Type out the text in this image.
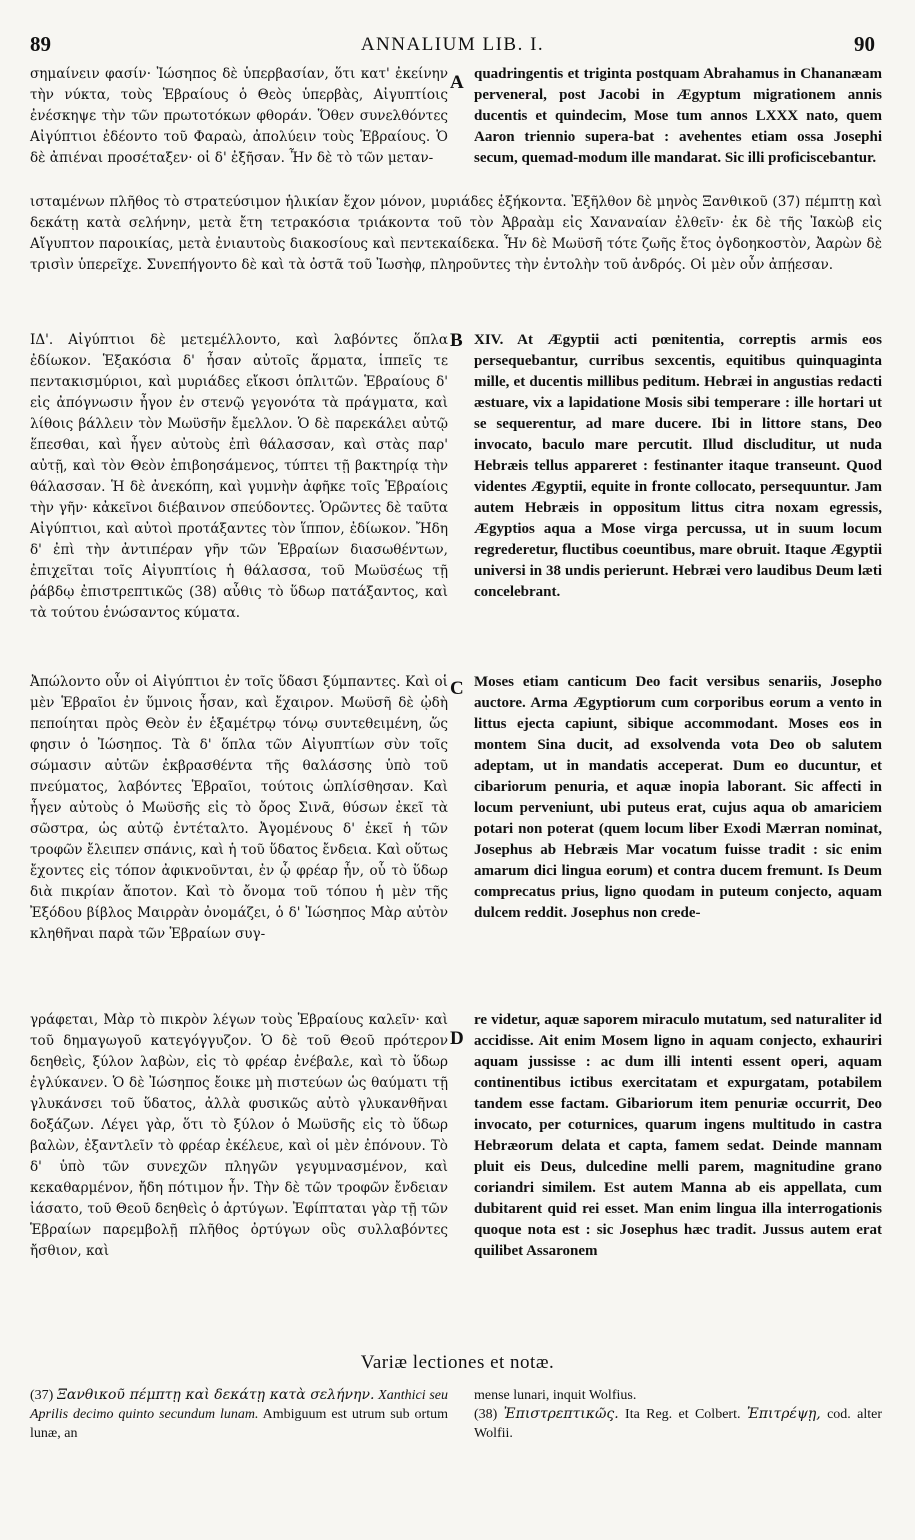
89	ANNALIUM LIB. I.	90
σημαίνειν φασίν· Ἰώσηπος δὲ ὑπερβασίαν, ὅτι κατ' ἐκείνην τὴν νύκτα, τοὺς Ἑβραίους ὁ Θεὸς ὑπερβὰς, Αἰγυπτίοις ἐνέσκηψε τὴν τῶν πρωτοτόκων φθοράν. Ὅθεν συνελθόντες Αἰγύπτιοι ἐδέοντο τοῦ Φαραὼ, ἀπολύειν τοὺς Ἑβραίους. Ὁ δὲ ἀπιέναι προσέταξεν· οἱ δ' ἐξῆσαν. Ἦν δὲ τὸ τῶν μεταν-
A quadringentis et triginta postquam Abrahamus in Chananæam perveneral, post Jacobi in Ægyptum migrationem annis ducentis et quindecim, Mose tum annos LXXX nato, quem Aaron triennio supera-bat : avehentes etiam ossa Josephi secum, quemad-modum ille mandarat. Sic illi proficiscebantur.
ισταμένων πλῆθος τὸ στρατεύσιμον ἡλικίαν ἔχον μόνον, μυριάδες ἑξήκοντα. Ἐξῆλθον δὲ μηνὸς Ξανθικοῦ (37) πέμπτῃ καὶ δεκάτῃ κατὰ σελήνην, μετὰ ἔτη τετρακόσια τριάκοντα τοῦ τὸν Ἀβραὰμ εἰς Χαναναίαν ἐλθεῖν· ἐκ δὲ τῆς Ἰακὼβ εἰς Αἴγυπτον παροικίας, μετὰ ἐνιαυτοὺς διακοσίους καὶ πεντεκαίδεκα. Ἦν δὲ Μωϋσῆ τότε ζωῆς ἔτος ὀγδοηκοστὸν, Ἀαρὼν δὲ τρισὶν ὑπερεῖχε. Συνεπήγοντο δὲ καὶ τὰ ὀστᾶ τοῦ Ἰωσὴφ, πληροῦντες τὴν ἐντολὴν τοῦ ἀνδρός. Οἱ μὲν οὖν ἀπῄεσαν.
ΙΔ'. Αἰγύπτιοι δὲ μετεμέλλοντο, καὶ λαβόντες ὅπλα ἐδίωκον. Ἑξακόσια δ' ἦσαν αὐτοῖς ἅρματα, ἱππεῖς τε πεντακισμύριοι, καὶ μυριάδες εἴκοσι ὁπλιτῶν. Ἑβραίους δ' εἰς ἀπόγνωσιν ἦγον ἐν στενῷ γεγονότα τὰ πράγματα, καὶ λίθοις βάλλειν τὸν Μωϋσῆν ἔμελλον. Ὁ δὲ παρεκάλει αὐτῷ ἕπεσθαι, καὶ ἦγεν αὐτοὺς ἐπὶ θάλασσαν, καὶ στὰς παρ' αὐτῇ, καὶ τὸν Θεὸν ἐπιβοησάμενος, τύπτει τῇ βακτηρίᾳ τὴν θάλασσαν. Ἡ δὲ ἀνεκόπη, καὶ γυμνὴν ἀφῆκε τοῖς Ἑβραίοις τὴν γῆν· κἀκεῖνοι διέβαινον σπεύδοντες. Ὁρῶντες δὲ ταῦτα Αἰγύπτιοι, καὶ αὐτοὶ προτάξαντες τὸν ἵππον, ἐδίωκον. Ἤδη δ' ἐπὶ τὴν ἀντιπέραν γῆν τῶν Ἑβραίων διασωθέντων, ἐπιχεῖται τοῖς Αἰγυπτίοις ἡ θάλασσα, τοῦ Μωϋσέως τῇ ῥάβδῳ ἐπιστρεπτικῶς (38) αὖθις τὸ ὕδωρ πατάξαντος, καὶ τὰ τούτου ἑνώσαντος κύματα.
B XIV. At Ægyptii acti pœnitentia, correptis armis eos persequebantur, curribus sexcentis, equitibus quinquaginta mille, et ducentis millibus peditum. Hebræi in angustias redacti æstuare, vix a lapidatione Mosis sibi temperare : ille hortari ut se sequerentur, ad mare ducere. Ibi in littore stans, Deo invocato, baculo mare percutit. Illud discluditur, ut nuda Hebræis tellus appareret : festinanter itaque transeunt. Quod videntes Ægyptii, equite in fronte collocato, persequuntur. Jam autem Hebræis in oppositum littus citra noxam egressis, Ægyptios aqua a Mose virga percussa, ut in suum locum regrederetur, fluctibus coeuntibus, mare obruit. Itaque Ægyptii universi in 38 undis perierunt. Hebræi vero laudibus Deum læti concelebrant.
Ἀπώλοντο οὖν οἱ Αἰγύπτιοι ἐν τοῖς ὕδασι ξύμπαντες. Καὶ οἱ μὲν Ἑβραῖοι ἐν ὕμνοις ἦσαν, καὶ ἔχαιρον. Μωϋσῆ δὲ ᾠδὴ πεποίηται πρὸς Θεὸν ἐν ἑξαμέτρῳ τόνῳ συντεθειμένη, ὥς φησιν ὁ Ἰώσηπος. Τὰ δ' ὅπλα τῶν Αἰγυπτίων σὺν τοῖς σώμασιν αὐτῶν ἐκβρασθέντα τῆς θαλάσσης ὑπὸ τοῦ πνεύματος, λαβόντες Ἑβραῖοι, τούτοις ὡπλίσθησαν. Καὶ ἦγεν αὐτοὺς ὁ Μωϋσῆς εἰς τὸ ὄρος Σινᾶ, θύσων ἐκεῖ τὰ σῶστρα, ὡς αὐτῷ ἐντέταλτο. Ἀγομένους δ' ἐκεῖ ἡ τῶν τροφῶν ἔλειπεν σπάνις, καὶ ἡ τοῦ ὕδατος ἔνδεια. Καὶ οὕτως ἔχοντες εἰς τόπον ἀφικνοῦνται, ἐν ᾧ φρέαρ ἦν, οὗ τὸ ὕδωρ διὰ πικρίαν ἄποτον. Καὶ τὸ ὄνομα τοῦ τόπου ἡ μὲν τῆς Ἐξόδου βίβλος Μαιρρὰν ὀνομάζει, ὁ δ' Ἰώσηπος Μὰρ αὐτὸν κληθῆναι παρὰ τῶν Ἑβραίων συγ-
C Moses etiam canticum Deo facit versibus senariis, Josepho auctore. Arma Ægyptiorum cum corporibus eorum a vento in littus ejecta capiunt, sibique accommodant. Moses eos in montem Sina ducit, ad exsolvenda vota Deo ob salutem adeptam, ut in mandatis acceperat. Dum eo ducuntur, et cibariorum penuria, et aquæ inopia laborant. Sic affecti in locum perveniunt, ubi puteus erat, cujus aqua ob amariciem potari non poterat (quem locum liber Exodi Mærran nominat, Josephus ab Hebræis Mar vocatum fuisse tradit : sic enim amarum dici lingua eorum) et contra ducem fremunt. Is Deum comprecatus prius, ligno quodam in puteum conjecto, aquam dulcem reddit. Josephus non crede-
γράφεται, Μὰρ τὸ πικρὸν λέγων τοὺς Ἑβραίους καλεῖν· καὶ τοῦ δημαγωγοῦ κατεγόγγυζον. Ὁ δὲ τοῦ Θεοῦ πρότερον δεηθεὶς, ξύλον λαβὼν, εἰς τὸ φρέαρ ἐνέβαλε, καὶ τὸ ὕδωρ ἐγλύκανεν. Ὁ δὲ Ἰώσηπος ἔοικε μὴ πιστεύων ὡς θαύματι τῇ γλυκάνσει τοῦ ὕδατος, ἀλλὰ φυσικῶς αὐτὸ γλυκανθῆναι δοξάζων. Λέγει γὰρ, ὅτι τὸ ξύλον ὁ Μωϋσῆς εἰς τὸ ὕδωρ βαλὼν, ἐξαντλεῖν τὸ φρέαρ ἐκέλευε, καὶ οἱ μὲν ἐπόνουν. Τὸ δ' ὑπὸ τῶν συνεχῶν πληγῶν γεγυμνασμένον, καὶ κεκαθαρμένον, ἤδη πότιμον ἦν. Τὴν δὲ τῶν τροφῶν ἔνδειαν ἰάσατο, τοῦ Θεοῦ δεηθεὶς ὁ ἀρτύγων. Ἐφίπταται γὰρ τῇ τῶν Ἑβραίων παρεμβολῇ πλῆθος ὀρτύγων οὓς συλλαβόντες ἤσθιον, καὶ
D
re videtur, aquæ saporem miraculo mutatum, sed naturaliter id accidisse. Ait enim Mosem ligno in aquam conjecto, exhauriri aquam jussisse : ac dum illi intenti essent operi, aquam continentibus ictibus exercitatam et expurgatam, potabilem tandem esse factam. Gibariorum item penuriæ occurrit, Deo invocato, per coturnices, quarum ingens multitudo in castra Hebræorum delata et capta, famem sedat. Deinde mannam pluit eis Deus, dulcedine melli parem, magnitudine grano coriandri similem. Est autem Manna ab eis appellata, cum dubitarent quid rei esset. Man enim lingua illa interrogationis quoque nota est : sic Josephus hæc tradit. Jussus autem erat quilibet Assaronem
Variæ lectiones et notæ.
(37) Ξανθικοῦ πέμπτῃ καὶ δεκάτῃ κατὰ σελήνην. Xanthici seu Aprilis decimo quinto secundum lunam. Ambiguum est utrum sub ortum lunæ, an
mense lunari, inquit Wolfius.
(38) Ἐπιστρεπτικῶς. Ita Reg. et Colbert. Ἐπιτρέψῃ, cod. alter Wolfii.
